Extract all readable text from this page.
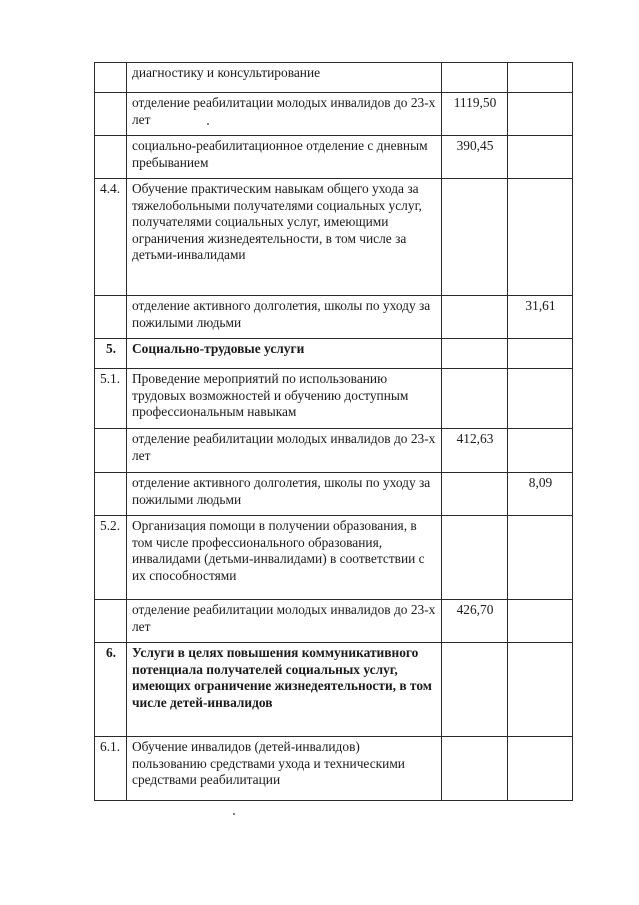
	диагностику и консультирование		
	отделение реабилитации молодых инвалидов до 23-х лет	1119,50	
	социально-реабилитационное отделение с дневным пребыванием	390,45	
4.4.	Обучение практическим навыкам общего ухода за тяжелобольными получателями социальных услуг, получателями социальных услуг, имеющими ограничения жизнедеятельности, в том числе за детьми-инвалидами		
	отделение активного долголетия, школы по уходу за пожилыми людьми		31,61
5.	Социально-трудовые услуги		
5.1.	Проведение мероприятий по использованию трудовых возможностей и обучению доступным профессиональным навыкам		
	отделение реабилитации молодых инвалидов до 23-х лет	412,63	
	отделение активного долголетия, школы по уходу за пожилыми людьми		8,09
5.2.	Организация помощи в получении образования, в том числе профессионального образования, инвалидами (детьми-инвалидами) в соответствии с их способностями		
	отделение реабилитации молодых инвалидов до 23-х лет	426,70	
6.	Услуги в целях повышения коммуникативного потенциала получателей социальных услуг, имеющих ограничение жизнедеятельности, в том числе детей-инвалидов		
6.1.	Обучение инвалидов (детей-инвалидов) пользованию средствами ухода и техническими средствами реабилитации		
